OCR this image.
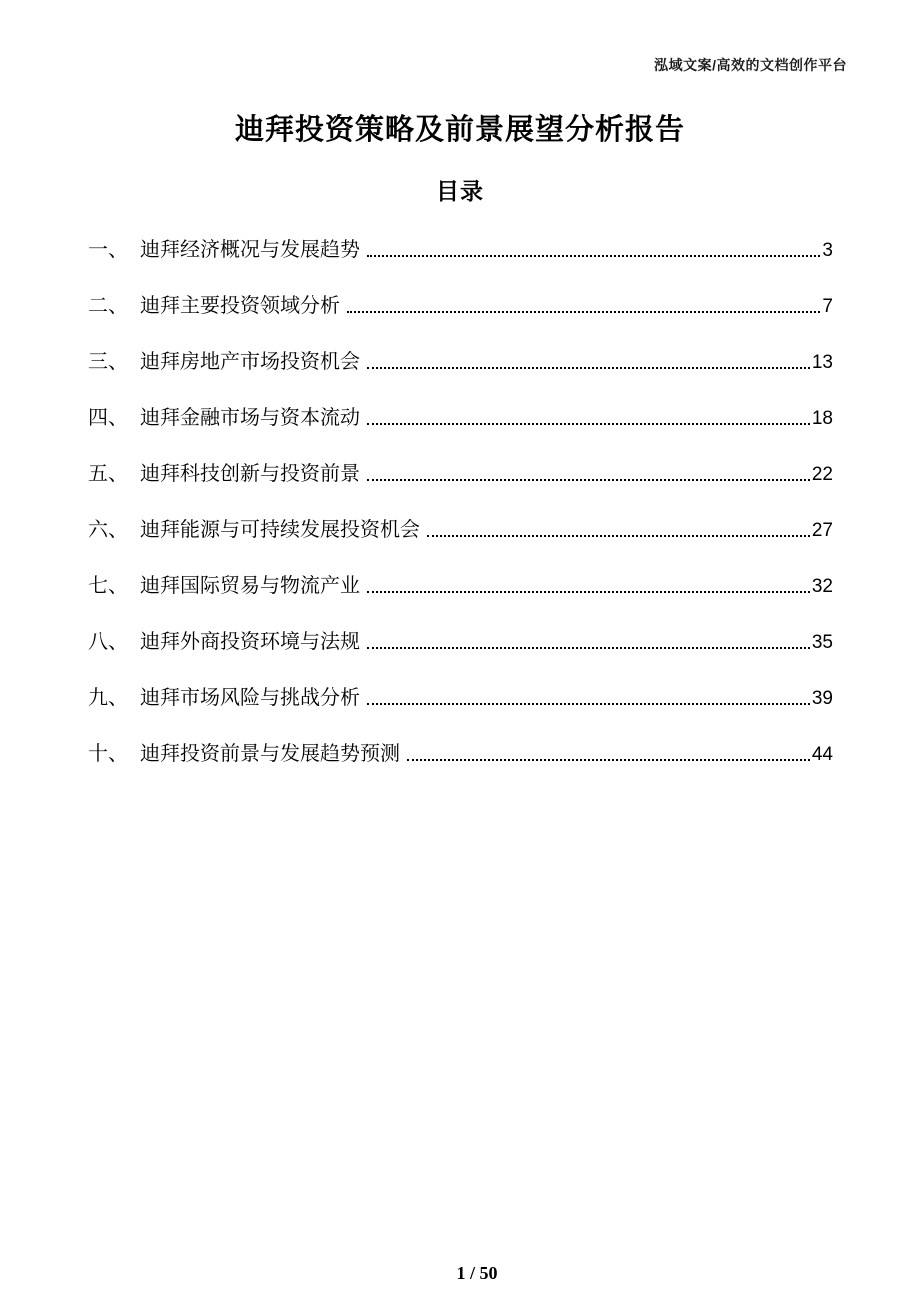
泓域文案/高效的文档创作平台
迪拜投资策略及前景展望分析报告
目录
一、 迪拜经济概况与发展趋势	3
二、 迪拜主要投资领域分析	7
三、 迪拜房地产市场投资机会	13
四、 迪拜金融市场与资本流动	18
五、 迪拜科技创新与投资前景	22
六、 迪拜能源与可持续发展投资机会	27
七、 迪拜国际贸易与物流产业	32
八、 迪拜外商投资环境与法规	35
九、 迪拜市场风险与挑战分析	39
十、 迪拜投资前景与发展趋势预测	44
1 / 50
